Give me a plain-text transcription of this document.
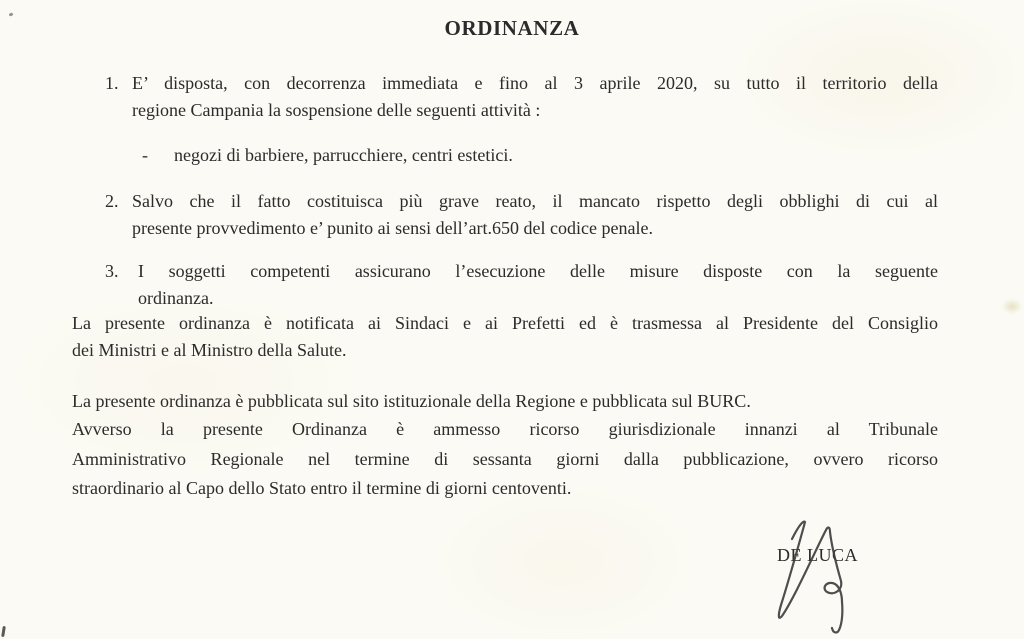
ORDINANZA
1. E’ disposta, con decorrenza immediata e fino al 3 aprile 2020, su tutto il territorio della
regione Campania la sospensione delle seguenti attività :
- negozi di barbiere, parrucchiere, centri estetici.
2. Salvo che il fatto costituisca più grave reato, il mancato rispetto degli obblighi di cui al
presente provvedimento e’ punito ai sensi dell’art.650 del codice penale.
3. I soggetti competenti assicurano l’esecuzione delle misure disposte con la seguente
ordinanza.
La presente ordinanza è notificata ai Sindaci e ai Prefetti ed è trasmessa al Presidente del Consiglio
dei Ministri e al Ministro della Salute.
La presente ordinanza è pubblicata sul sito istituzionale della Regione e pubblicata sul BURC.
Avverso la presente Ordinanza è ammesso ricorso giurisdizionale innanzi al Tribunale
Amministrativo Regionale nel termine di sessanta giorni dalla pubblicazione, ovvero ricorso
straordinario al Capo dello Stato entro il termine di giorni centoventi.
DE LUCA
